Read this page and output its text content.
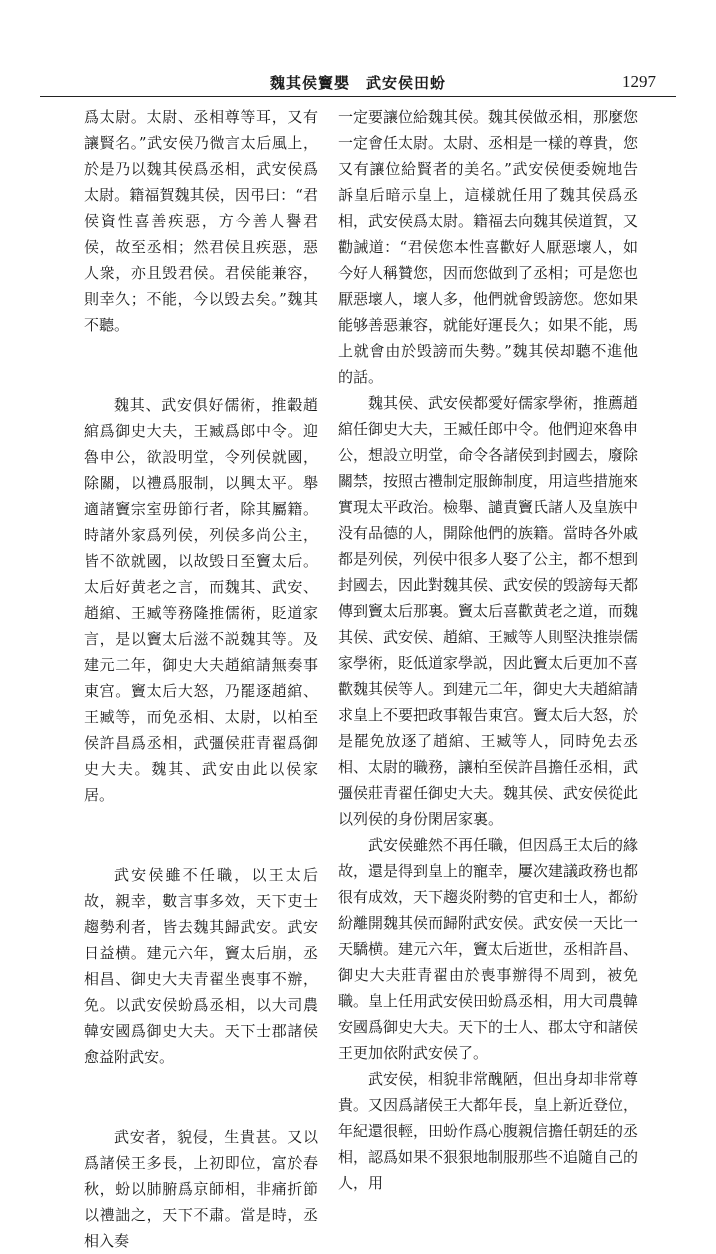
魏其侯竇嬰　武安侯田蚡	1297

爲太尉。太尉、丞相尊等耳，又有讓賢名。”武安侯乃微言太后風上，於是乃以魏其侯爲丞相，武安侯爲太尉。籍福賀魏其侯，因弔曰：“君侯資性喜善疾惡，方今善人譽君侯，故至丞相；然君侯且疾惡，惡人衆，亦且毁君侯。君侯能兼容，則幸久；不能，今以毁去矣。”魏其不聽。

魏其、武安俱好儒術，推轂趙綰爲御史大夫，王臧爲郎中令。迎魯申公，欲設明堂，令列侯就國，除關，以禮爲服制，以興太平。舉適諸竇宗室毋節行者，除其屬籍。時諸外家爲列侯，列侯多尚公主，皆不欲就國，以故毁日至竇太后。太后好黄老之言，而魏其、武安、趙綰、王臧等務隆推儒術，貶道家言，是以竇太后滋不説魏其等。及建元二年，御史大夫趙綰請無奏事東宫。竇太后大怒，乃罷逐趙綰、王臧等，而免丞相、太尉，以柏至侯許昌爲丞相，武彊侯莊青翟爲御史大夫。魏其、武安由此以侯家居。

武安侯雖不任職，以王太后故，親幸，數言事多效，天下吏士趨勢利者，皆去魏其歸武安。武安日益横。建元六年，竇太后崩，丞相昌、御史大夫青翟坐喪事不辦，免。以武安侯蚡爲丞相，以大司農韓安國爲御史大夫。天下士郡諸侯愈益附武安。

武安者，貌侵，生貴甚。又以爲諸侯王多長，上初即位，富於春秋，蚡以肺腑爲京師相，非痛折節以禮詘之，天下不肅。當是時，丞相入奏

一定要讓位給魏其侯。魏其侯做丞相，那麼您一定會任太尉。太尉、丞相是一樣的尊貴，您又有讓位給賢者的美名。”武安侯便委婉地告訴皇后暗示皇上，這樣就任用了魏其侯爲丞相，武安侯爲太尉。籍福去向魏其侯道賀，又勸誡道：“君侯您本性喜歡好人厭惡壞人，如今好人稱贊您，因而您做到了丞相；可是您也厭惡壞人，壞人多，他們就會毁謗您。您如果能够善惡兼容，就能好運長久；如果不能，馬上就會由於毁謗而失勢。”魏其侯却聽不進他的話。

魏其侯、武安侯都愛好儒家學術，推薦趙綰任御史大夫，王臧任郎中令。他們迎來魯申公，想設立明堂，命令各諸侯到封國去，廢除關禁，按照古禮制定服飾制度，用這些措施來實現太平政治。檢舉、譴責竇氏諸人及皇族中没有品德的人，開除他們的族籍。當時各外戚都是列侯，列侯中很多人娶了公主，都不想到封國去，因此對魏其侯、武安侯的毁謗每天都傳到竇太后那裏。竇太后喜歡黄老之道，而魏其侯、武安侯、趙綰、王臧等人則堅決推崇儒家學術，貶低道家學説，因此竇太后更加不喜歡魏其侯等人。到建元二年，御史大夫趙綰請求皇上不要把政事報告東宫。竇太后大怒，於是罷免放逐了趙綰、王臧等人，同時免去丞相、太尉的職務，讓柏至侯許昌擔任丞相，武彊侯莊青翟任御史大夫。魏其侯、武安侯從此以列侯的身份閑居家裏。

武安侯雖然不再任職，但因爲王太后的緣故，還是得到皇上的寵幸，屢次建議政務也都很有成效，天下趨炎附勢的官吏和士人，都紛紛離開魏其侯而歸附武安侯。武安侯一天比一天驕横。建元六年，竇太后逝世，丞相許昌、御史大夫莊青翟由於喪事辦得不周到，被免職。皇上任用武安侯田蚡爲丞相，用大司農韓安國爲御史大夫。天下的士人、郡太守和諸侯王更加依附武安侯了。

武安侯，相貌非常醜陋，但出身却非常尊貴。又因爲諸侯王大都年長，皇上新近登位，年紀還很輕，田蚡作爲心腹親信擔任朝廷的丞相，認爲如果不狠狠地制服那些不追隨自己的人，用
